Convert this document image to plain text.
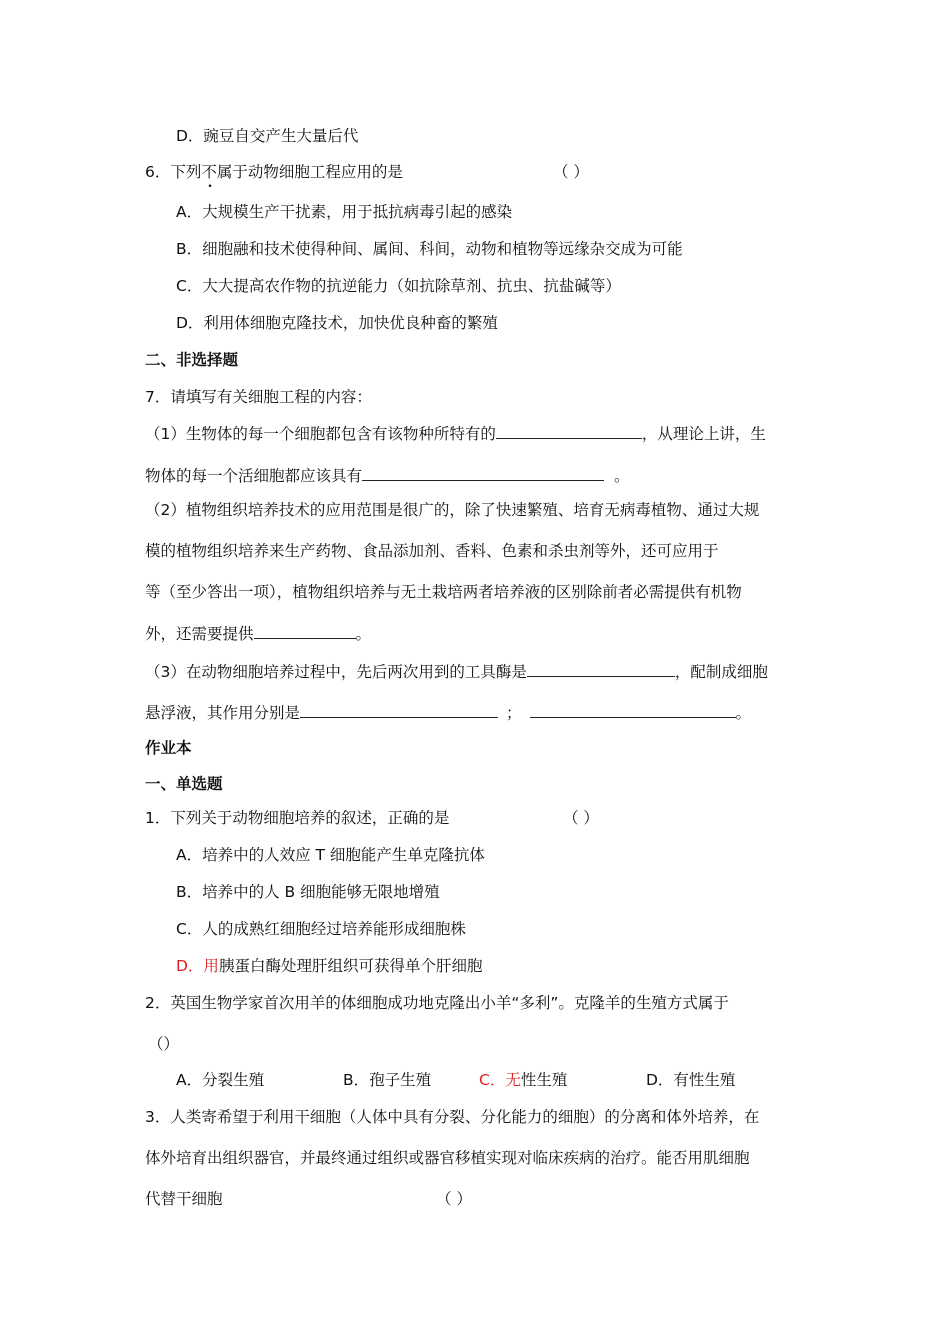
D．豌豆自交产生大量后代
6．下列不
•
属于动物细胞工程应用的是	（ ）
A．大规模生产干扰素，用于抵抗病毒引起的感染
B．细胞融和技术使得种间、属间、科间，动物和植物等远缘杂交成为可能
C．大大提高农作物的抗逆能力（如抗除草剂、抗虫、抗盐碱等）
D．利用体细胞克隆技术，加快优良种畜的繁殖
二、非选择题
7．请填写有关细胞工程的内容：
（1）生物体的每一个细胞都包含有该物种所特有的	，从理论上讲，生
物体的每一个活细胞都应该具有	。
（2）植物组织培养技术的应用范围是很广的，除了快速繁殖、培育无病毒植物、通过大规
模的植物组织培养来生产药物、食品添加剂、香料、色素和杀虫剂等外，还可应用于
等（至少答出一项），植物组织培养与无土栽培两者培养液的区别除前者必需提供有机物
外，还需要提供	。
（3）在动物细胞培养过程中，先后两次用到的工具酶是	，配制成细胞
悬浮液，其作用分别是	；	。
作业本
一、单选题
1．下列关于动物细胞培养的叙述，正确的是	（ ）
A．培养中的人效应 T 细胞能产生单克隆抗体
B．培养中的人 B 细胞能够无限地增殖
C．人的成熟红细胞经过培养能形成细胞株
D．用胰蛋白酶处理肝组织可获得单个肝细胞
2．英国生物学家首次用羊的体细胞成功地克隆出小羊“多利”。克隆羊的生殖方式属于
（）
A．分裂生殖	B．孢子生殖	C．无性生殖	D．有性生殖
3．人类寄希望于利用干细胞（人体中具有分裂、分化能力的细胞）的分离和体外培养，在
体外培育出组织器官，并最终通过组织或器官移植实现对临床疾病的治疗。能否用肌细胞
代替干细胞	（ ）
